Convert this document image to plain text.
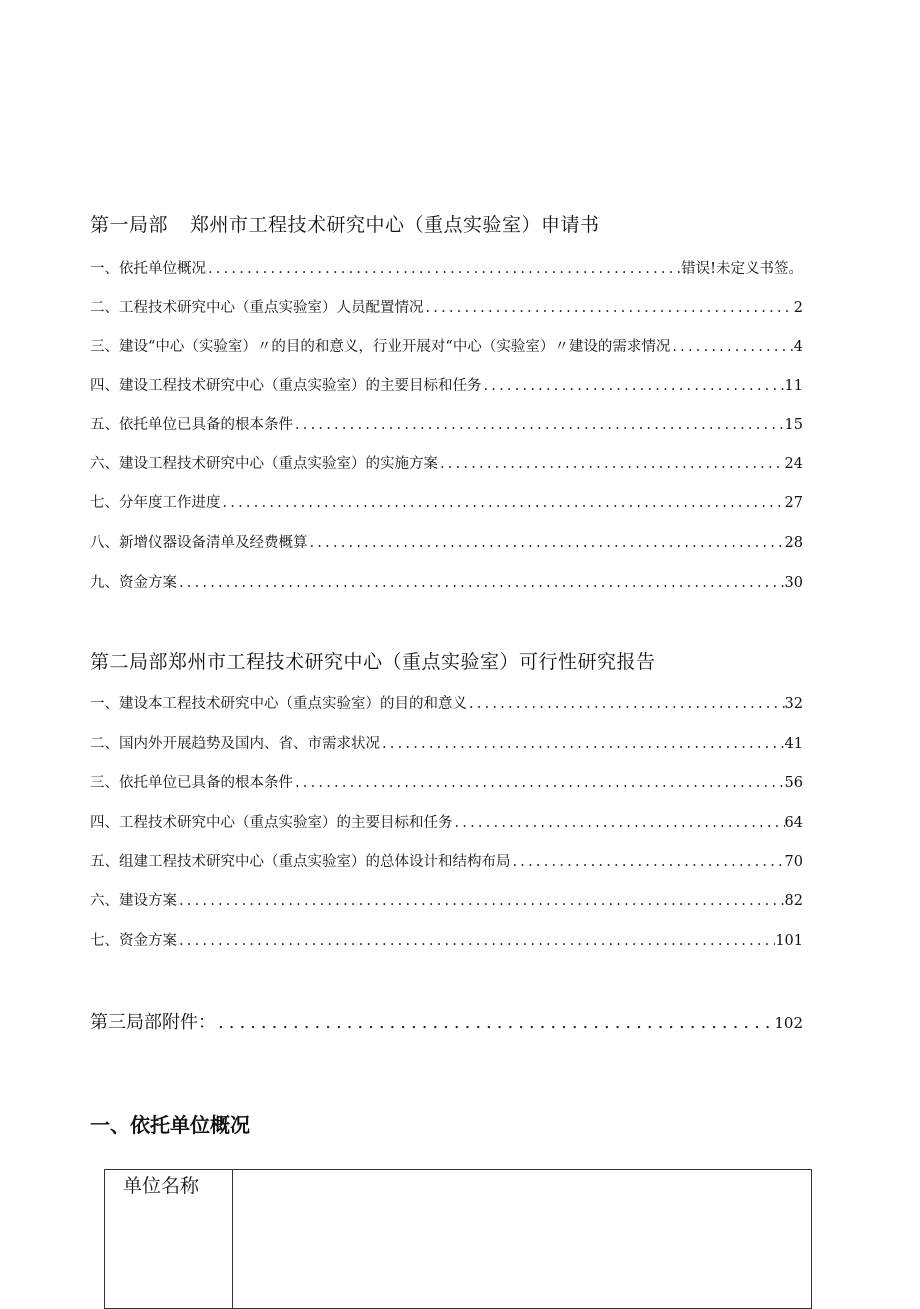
第一局部 郑州市工程技术研究中心（重点实验室）申请书
一、依托单位概况 .....	错误!未定义书签。
二、工程技术研究中心（重点实验室）人员配置情况 .....	2
三、建设“中心（实验室）〃的目的和意义，行业开展对“中心（实验室）〃建设的需求情况 .....	4
四、建设工程技术研究中心（重点实验室）的主要目标和任务 .....	11
五、依托单位已具备的根本条件 .....	15
六、建设工程技术研究中心（重点实验室）的实施方案 .....	24
七、分年度工作进度 .....	27
八、新增仪器设备清单及经费概算 .....	28
九、资金方案 .....	30
第二局部郑州市工程技术研究中心（重点实验室）可行性研究报告
一、建设本工程技术研究中心（重点实验室）的目的和意义 .....	32
二、国内外开展趋势及国内、省、市需求状况 .....	41
三、依托单位已具备的根本条件 .....	56
四、工程技术研究中心（重点实验室）的主要目标和任务 .....	64
五、组建工程技术研究中心（重点实验室）的总体设计和结构布局 .....	70
六、建设方案 .....	82
七、资金方案 .....	101
第三局部附件： .....	102
一、依托单位概况
单位名称
